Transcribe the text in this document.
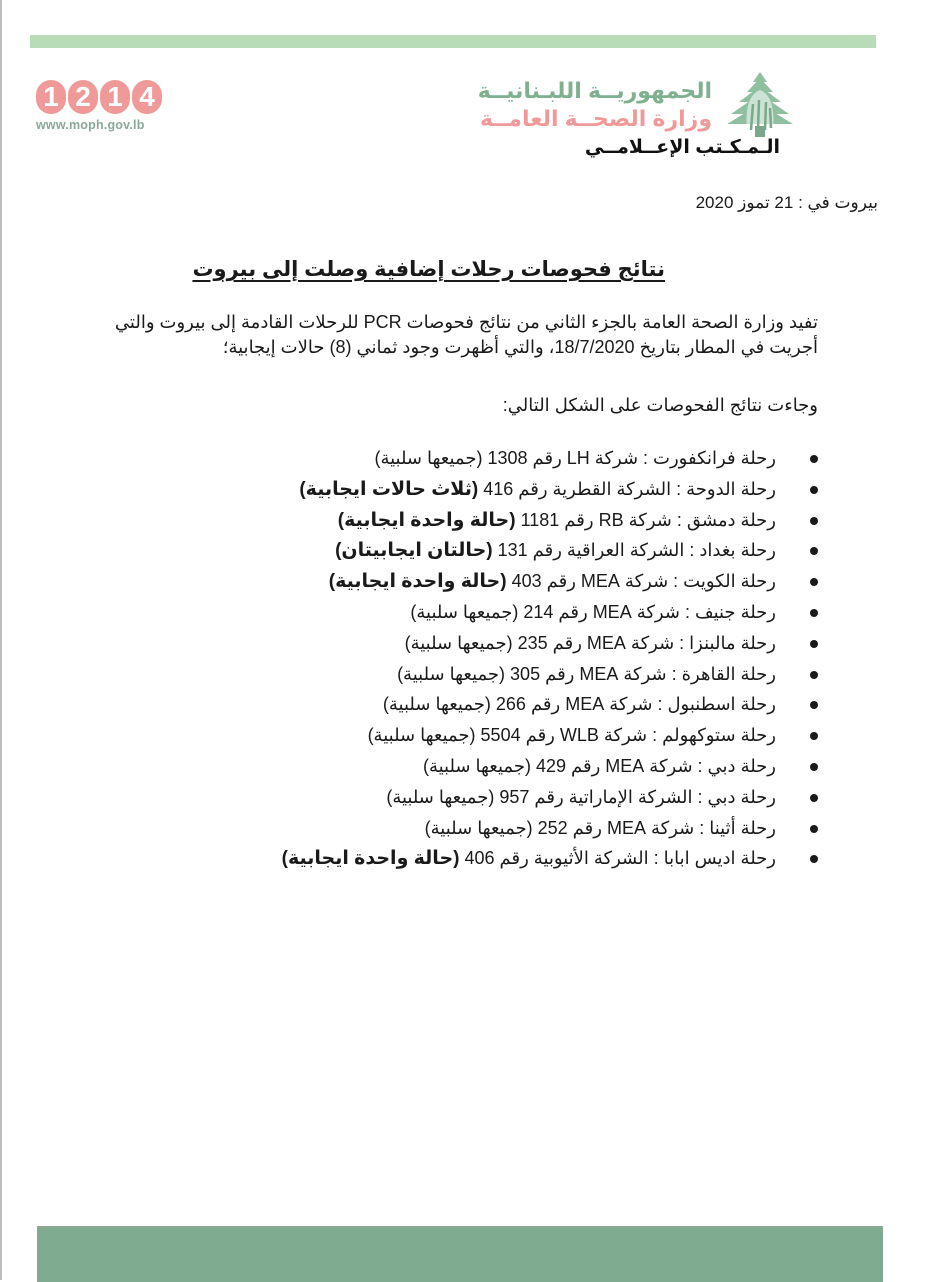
1 2 1 4
www.moph.gov.lb
الجمهوريــة اللبـنانيــة
وزارة الصحــة العامــة
الـمـكـتب الإعــلامــي
بيروت في : 21 تموز 2020
نتائج فحوصات رحلات إضافية وصلت إلى بيروت
تفيد وزارة الصحة العامة بالجزء الثاني من نتائج فحوصات PCR للرحلات القادمة إلى بيروت والتي أجريت في المطار بتاريخ 18/7/2020، والتي أظهرت وجود ثماني (8) حالات إيجابية؛
وجاءت نتائج الفحوصات على الشكل التالي:
رحلة فرانكفورت : شركة LH رقم 1308(جميعها سلبية)
رحلة الدوحة : الشركة القطرية رقم 416(ثلاث حالات ايجابية)
رحلة دمشق : شركة RB رقم 1181(حالة واحدة ايجابية)
رحلة بغداد : الشركة العراقية رقم 131(حالتان ايجابيتان)
رحلة الكويت : شركة MEA رقم 403(حالة واحدة ايجابية)
رحلة جنيف : شركة MEA رقم 214(جميعها سلبية)
رحلة مالبنزا : شركة MEA رقم 235(جميعها سلبية)
رحلة القاهرة : شركة MEA رقم 305(جميعها سلبية)
رحلة اسطنبول : شركة MEA رقم 266(جميعها سلبية)
رحلة ستوكهولم : شركة WLB رقم 5504(جميعها سلبية)
رحلة دبي : شركة MEA رقم 429(جميعها سلبية)
رحلة دبي : الشركة الإماراتية رقم 957(جميعها سلبية)
رحلة أثينا : شركة MEA رقم 252(جميعها سلبية)
رحلة اديس ابابا : الشركة الأثيوبية رقم 406(حالة واحدة ايجابية)
